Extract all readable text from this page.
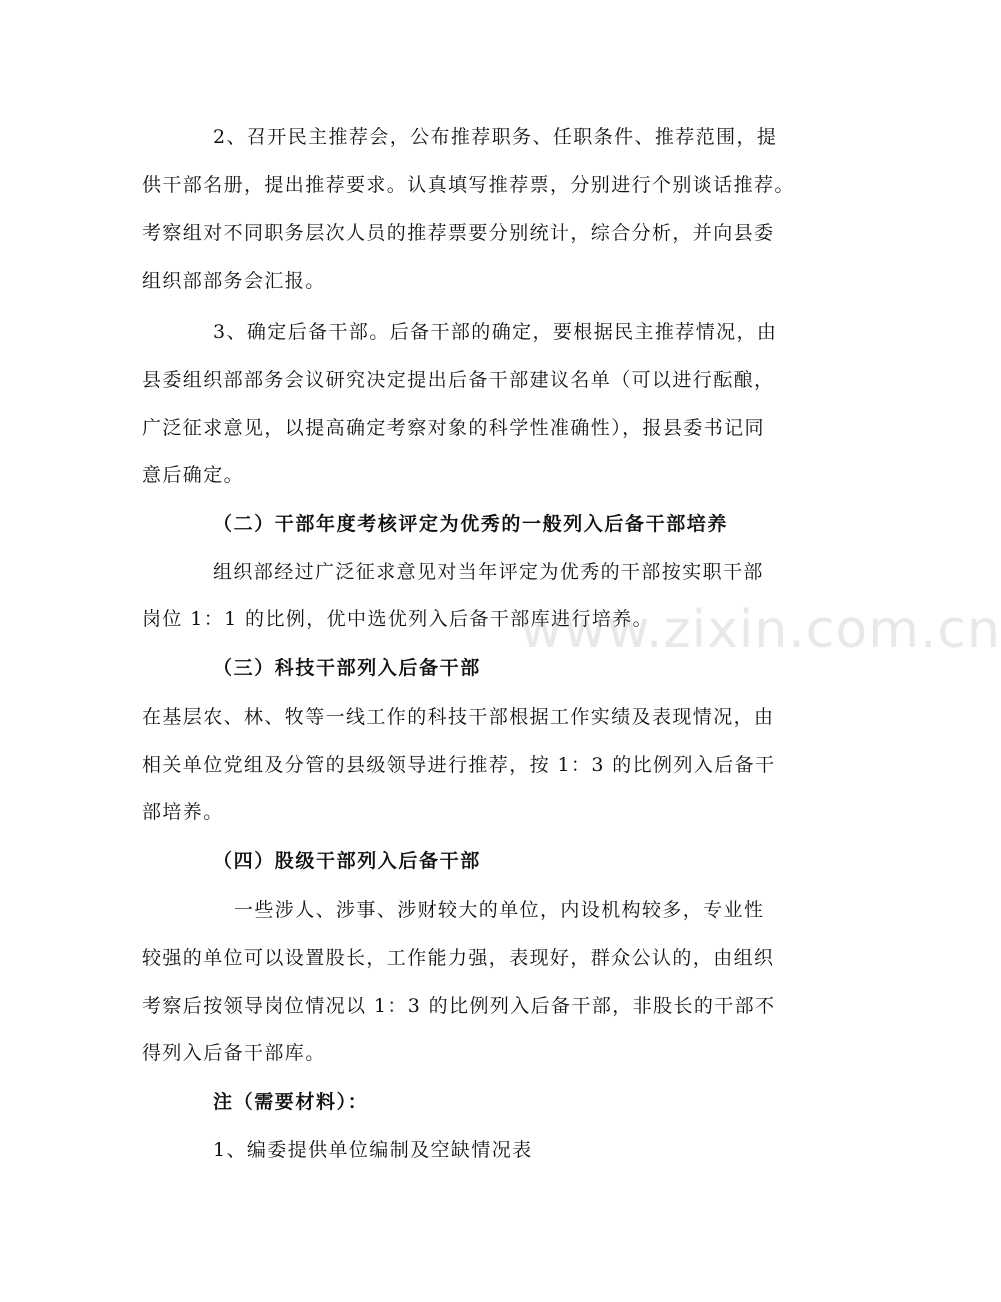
2、召开民主推荐会，公布推荐职务、任职条件、推荐范围，提
供干部名册，提出推荐要求。认真填写推荐票，分别进行个别谈话推荐。
考察组对不同职务层次人员的推荐票要分别统计，综合分析，并向县委
组织部部务会汇报。
3、确定后备干部。后备干部的确定，要根据民主推荐情况，由
县委组织部部务会议研究决定提出后备干部建议名单（可以进行酝酿，
广泛征求意见，以提高确定考察对象的科学性准确性），报县委书记同
意后确定。
（二）干部年度考核评定为优秀的一般列入后备干部培养
组织部经过广泛征求意见对当年评定为优秀的干部按实职干部
岗位 1：1 的比例，优中选优列入后备干部库进行培养。
（三）科技干部列入后备干部
在基层农、林、牧等一线工作的科技干部根据工作实绩及表现情况，由
相关单位党组及分管的县级领导进行推荐，按 1：3 的比例列入后备干
部培养。
（四）股级干部列入后备干部
一些涉人、涉事、涉财较大的单位，内设机构较多，专业性
较强的单位可以设置股长，工作能力强，表现好，群众公认的，由组织
考察后按领导岗位情况以 1：3 的比例列入后备干部，非股长的干部不
得列入后备干部库。
注（需要材料）：
1、编委提供单位编制及空缺情况表
www.zixin.com.cn
